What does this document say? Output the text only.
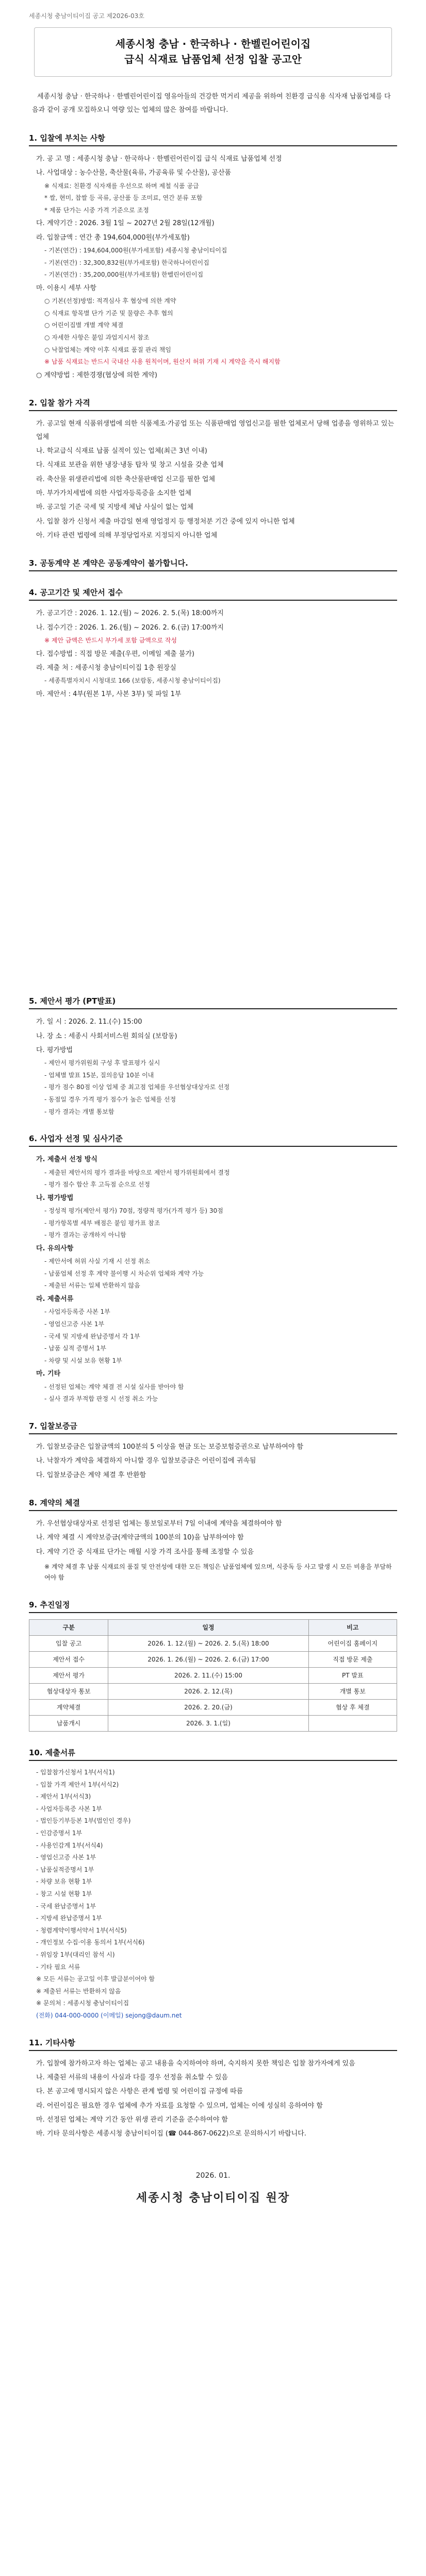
세종시청 충남이티이집 공고 제2026-03호
세종시청 충남 · 한국하나 · 한벨린어린이집
급식 식재료 납품업체 선정 입찰 공고안
세종시청 충남 · 한국하나 · 한벨린어린이집 영유아들의 건강한 먹거리 제공을 위하여 친환경 급식용 식자재 납품업체를 다음과 같이 공개 모집하오니 역량 있는 업체의 많은 참여를 바랍니다.
1. 입찰에 부치는 사항
가. 공 고 명 : 세종시청 충남 · 한국하나 · 한벨린어린이집 급식 식재료 납품업체 선정
나. 사업대상 : 농수산물, 축산물(육류, 가공육류 및 수산물), 공산품
※ 식재료: 친환경 식자재를 우선으로 하며 제철 식품 공급
* 쌀, 현미, 찹쌀 등 곡류, 공산품 등 조미료, 연간 분류 포함
* 제품 단가는 시중 가격 기준으로 조정
다. 계약기간 : 2026. 3월 1일 ~ 2027년 2월 28일(12개월)
라. 입찰금액 : 연간 총 194,604,000원(부가세포함)
- 기본(연간) : 194,604,000원(부가세포함) 세종시청 충남이티이집
- 기본(연간) : 32,300,832원(부가세포함) 한국하나어린이집
- 기본(연간) : 35,200,000원(부가세포함) 한벨린어린이집
마. 이용시 세부 사항
○ 기본(선정)방법: 적격심사 후 협상에 의한 계약
○ 식재료 항목별 단가 기준 및 물량은 추후 협의
○ 어린이집별 개별 계약 체결
○ 자세한 사항은 붙임 과업지시서 참조
○ 낙찰업체는 계약 이후 식재료 품질 관리 책임
※ 납품 식재료는 반드시 국내산 사용 원칙이며, 원산지 허위 기재 시 계약을 즉시 해지함
○ 계약방법 : 제한경쟁(협상에 의한 계약)
2. 입찰 참가 자격
가. 공고일 현재 식품위생법에 의한 식품제조·가공업 또는 식품판매업 영업신고를 필한 업체로서 당해 업종을 영위하고 있는 업체
나. 학교급식 식재료 납품 실적이 있는 업체(최근 3년 이내)
다. 식재료 보관을 위한 냉장·냉동 탑차 및 창고 시설을 갖춘 업체
라. 축산물 위생관리법에 의한 축산물판매업 신고를 필한 업체
마. 부가가치세법에 의한 사업자등록증을 소지한 업체
바. 공고일 기준 국세 및 지방세 체납 사실이 없는 업체
사. 입찰 참가 신청서 제출 마감일 현재 영업정지 등 행정처분 기간 중에 있지 아니한 업체
아. 기타 관련 법령에 의해 부정당업자로 지정되지 아니한 업체
3. 공동계약 본 계약은 공동계약이 불가합니다.
4. 공고기간 및 제안서 접수
가. 공고기간 : 2026. 1. 12.(월) ~ 2026. 2. 5.(목) 18:00까지
나. 접수기간 : 2026. 1. 26.(월) ~ 2026. 2. 6.(금) 17:00까지
※ 제안 금액은 반드시 부가세 포함 금액으로 작성
다. 접수방법 : 직접 방문 제출(우편, 이메일 제출 불가)
라. 제출 처 : 세종시청 충남이티이집 1층 원장실
- 세종특별자치시 시청대로 166 (보람동, 세종시청 충남이티이집)
마. 제안서 : 4부(원본 1부, 사본 3부) 및 파일 1부
5. 제안서 평가 (PT발표)
가. 일 시 : 2026. 2. 11.(수) 15:00
나. 장 소 : 세종시 사회서비스원 회의실 (보람동)
다. 평가방법
- 제안서 평가위원회 구성 후 발표평가 실시
- 업체별 발표 15분, 질의응답 10분 이내
- 평가 점수 80점 이상 업체 중 최고점 업체를 우선협상대상자로 선정
- 동점일 경우 가격 평가 점수가 높은 업체를 선정
- 평가 결과는 개별 통보함
6. 사업자 선정 및 심사기준
가. 제출서 선정 방식
- 제출된 제안서의 평가 결과를 바탕으로 제안서 평가위원회에서 결정
- 평가 점수 합산 후 고득점 순으로 선정
나. 평가방법
- 정성적 평가(제안서 평가) 70점, 정량적 평가(가격 평가 등) 30점
- 평가항목별 세부 배점은 붙임 평가표 참조
- 평가 결과는 공개하지 아니함
다. 유의사항
- 제안서에 허위 사실 기재 시 선정 취소
- 납품업체 선정 후 계약 불이행 시 차순위 업체와 계약 가능
- 제출된 서류는 일체 반환하지 않음
라. 제출서류
- 사업자등록증 사본 1부
- 영업신고증 사본 1부
- 국세 및 지방세 완납증명서 각 1부
- 납품 실적 증명서 1부
- 차량 및 시설 보유 현황 1부
마. 기타
- 선정된 업체는 계약 체결 전 시설 실사를 받아야 함
- 실사 결과 부적합 판정 시 선정 취소 가능
7. 입찰보증금
가. 입찰보증금은 입찰금액의 100분의 5 이상을 현금 또는 보증보험증권으로 납부하여야 함
나. 낙찰자가 계약을 체결하지 아니할 경우 입찰보증금은 어린이집에 귀속됨
다. 입찰보증금은 계약 체결 후 반환함
8. 계약의 체결
가. 우선협상대상자로 선정된 업체는 통보일로부터 7일 이내에 계약을 체결하여야 함
나. 계약 체결 시 계약보증금(계약금액의 100분의 10)을 납부하여야 함
다. 계약 기간 중 식재료 단가는 매월 시장 가격 조사를 통해 조정할 수 있음
※ 계약 체결 후 납품 식재료의 품질 및 안전성에 대한 모든 책임은 납품업체에 있으며, 식중독 등 사고 발생 시 모든 비용을 부담하여야 함
9. 추진일정
구분	일정	비고
입찰 공고	2026. 1. 12.(월) ~ 2026. 2. 5.(목) 18:00	어린이집 홈페이지
제안서 접수	2026. 1. 26.(월) ~ 2026. 2. 6.(금) 17:00	직접 방문 제출
제안서 평가	2026. 2. 11.(수) 15:00	PT 발표
협상대상자 통보	2026. 2. 12.(목)	개별 통보
계약체결	2026. 2. 20.(금)	협상 후 체결
납품개시	2026. 3. 1.(일)	
10. 제출서류
- 입찰참가신청서 1부(서식1)
- 입찰 가격 제안서 1부(서식2)
- 제안서 1부(서식3)
- 사업자등록증 사본 1부
- 법인등기부등본 1부(법인인 경우)
- 인감증명서 1부
- 사용인감계 1부(서식4)
- 영업신고증 사본 1부
- 납품실적증명서 1부
- 차량 보유 현황 1부
- 창고 시설 현황 1부
- 국세 완납증명서 1부
- 지방세 완납증명서 1부
- 청렴계약이행서약서 1부(서식5)
- 개인정보 수집·이용 동의서 1부(서식6)
- 위임장 1부(대리인 참석 시)
- 기타 필요 서류
※ 모든 서류는 공고일 이후 발급분이어야 함
※ 제출된 서류는 반환하지 않음
※ 문의처 : 세종시청 충남이티이집
(전화) 044-000-0000 (이메일) sejong@daum.net
11. 기타사항
가. 입찰에 참가하고자 하는 업체는 공고 내용을 숙지하여야 하며, 숙지하지 못한 책임은 입찰 참가자에게 있음
나. 제출된 서류의 내용이 사실과 다를 경우 선정을 취소할 수 있음
다. 본 공고에 명시되지 않은 사항은 관계 법령 및 어린이집 규정에 따름
라. 어린이집은 필요한 경우 업체에 추가 자료를 요청할 수 있으며, 업체는 이에 성실히 응하여야 함
마. 선정된 업체는 계약 기간 동안 위생 관리 기준을 준수하여야 함
바. 기타 문의사항은 세종시청 충남이티이집 (☎ 044-867-0622)으로 문의하시기 바랍니다.
2026. 01.
세종시청 충남이티이집 원장
